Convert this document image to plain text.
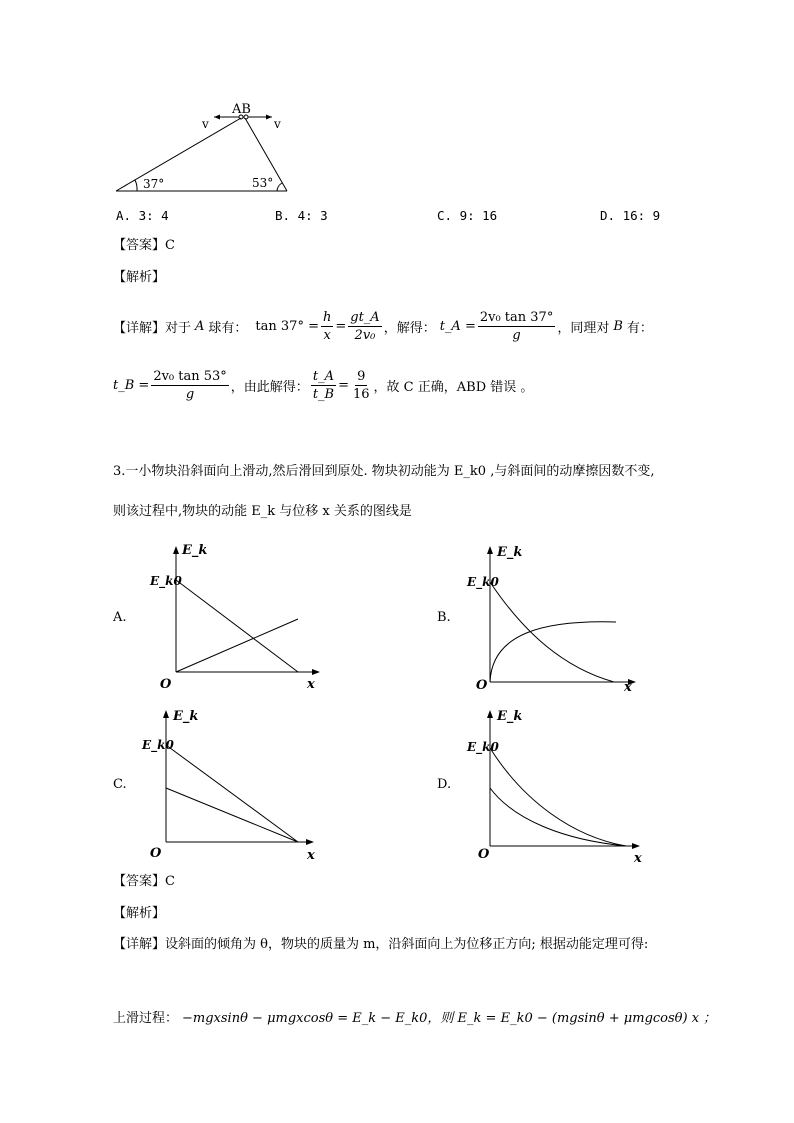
AB
v	v
37°	53°
A. 3: 4	B. 4: 3	C. 9: 16	D. 16: 9
【答案】C
【解析】
【详解】对于 A 球有： $\tan 37^\circ = \frac{h}{x} = \frac{gt\_A}{\text{2v₀}}$ ，解得： t_A = $\frac{\text{2v₀ tan 37°}}{g}$ ，同理对 B 有：
t_B = $\frac{\text{2v₀ tan 53°}}{g}$ ，由此解得： $\frac{t\_A}{t\_B} = \frac{9}{16}$ ，故 C 正确，ABD 错误 。
3.一小物块沿斜面向上滑动,然后滑回到原处. 物块初动能为 E_k0 ,与斜面间的动摩擦因数不变,
则该过程中,物块的动能 E_k 与位移 x 关系的图线是
A.
E_k
E_k0
O	x
B.
E_k
E_k0
O	x
C.
E_k
E_k0
O	x
D.
E_k
E_k0
O	x
【答案】C
【解析】
【详解】设斜面的倾角为 θ，物块的质量为 m，沿斜面向上为位移正方向; 根据动能定理可得:
上滑过程： −mgxsinθ − μmgxcosθ = E_k − E_k0，则 E_k = E_k0 − (mgsinθ + μmgcosθ) x ；
